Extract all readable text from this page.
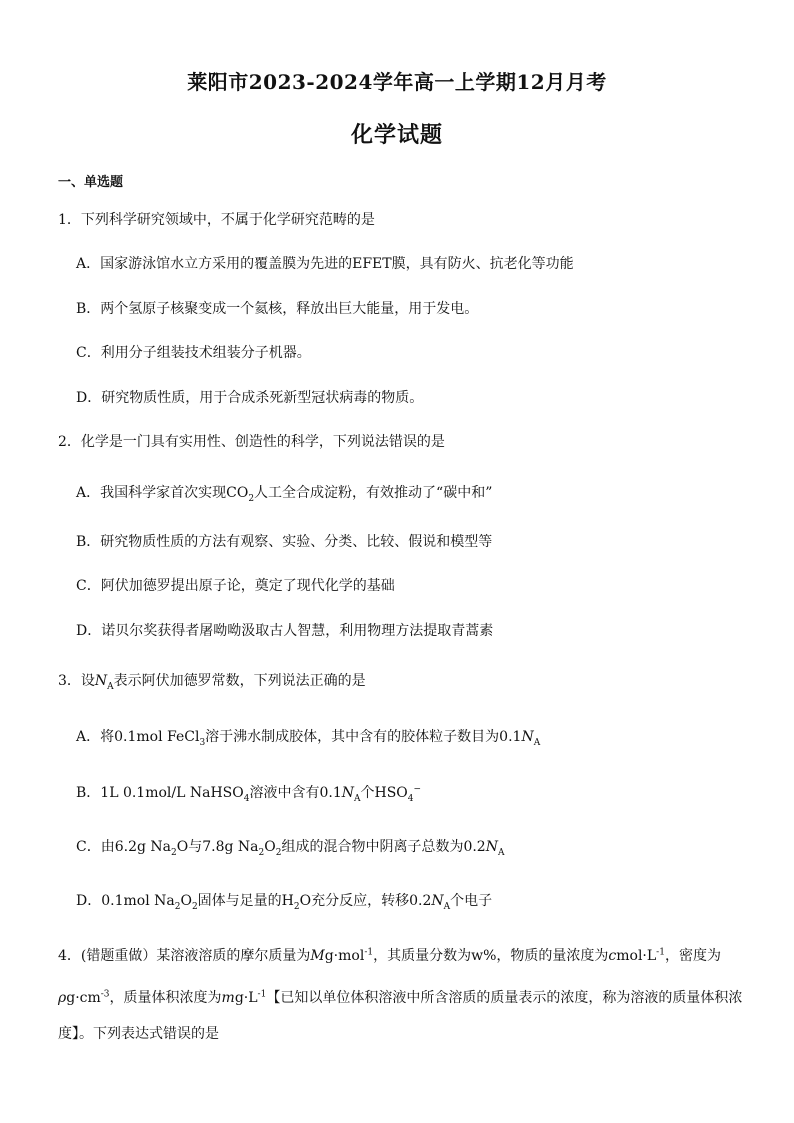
莱阳市2023-2024学年高一上学期12月月考
化学试题
一、单选题
1．下列科学研究领域中，不属于化学研究范畴的是
A．国家游泳馆水立方采用的覆盖膜为先进的EFET膜，具有防火、抗老化等功能
B．两个氢原子核聚变成一个氦核，释放出巨大能量，用于发电。
C．利用分子组装技术组装分子机器。
D．研究物质性质，用于合成杀死新型冠状病毒的物质。
2．化学是一门具有实用性、创造性的科学，下列说法错误的是
A．我国科学家首次实现$CO_2$人工全合成淀粉，有效推动了“碳中和”
B．研究物质性质的方法有观察、实验、分类、比较、假说和模型等
C．阿伏加德罗提出原子论，奠定了现代化学的基础
D．诺贝尔奖获得者屠呦呦汲取古人智慧，利用物理方法提取青蒿素
3．设$N_A$表示阿伏加德罗常数，下列说法正确的是
A．将0.1mol FeCl$_3$溶于沸水制成胶体，其中含有的胶体粒子数目为$0.1N_A$
B．1L 0.1mol/L NaHSO$_4$溶液中含有$0.1N_A$个$HSO_4^-$
C．由6.2g $Na_2O$与7.8g $Na_2O_2$组成的混合物中阴离子总数为$0.2N_A$
D．0.1mol $Na_2O_2$固体与足量的$H_2O$充分反应，转移$0.2N_A$个电子
4．(错题重做）某溶液溶质的摩尔质量为Mg·mol$^{-1}$，其质量分数为w%，物质的量浓度为$cmol\cdot L^{-1}$，密度为
$\rho g\cdot cm^{-3}$，质量体积浓度为$mg\cdot L^{-1}$【已知以单位体积溶液中所含溶质的质量表示的浓度，称为溶液的质量体积浓
度】。下列表达式错误的是
